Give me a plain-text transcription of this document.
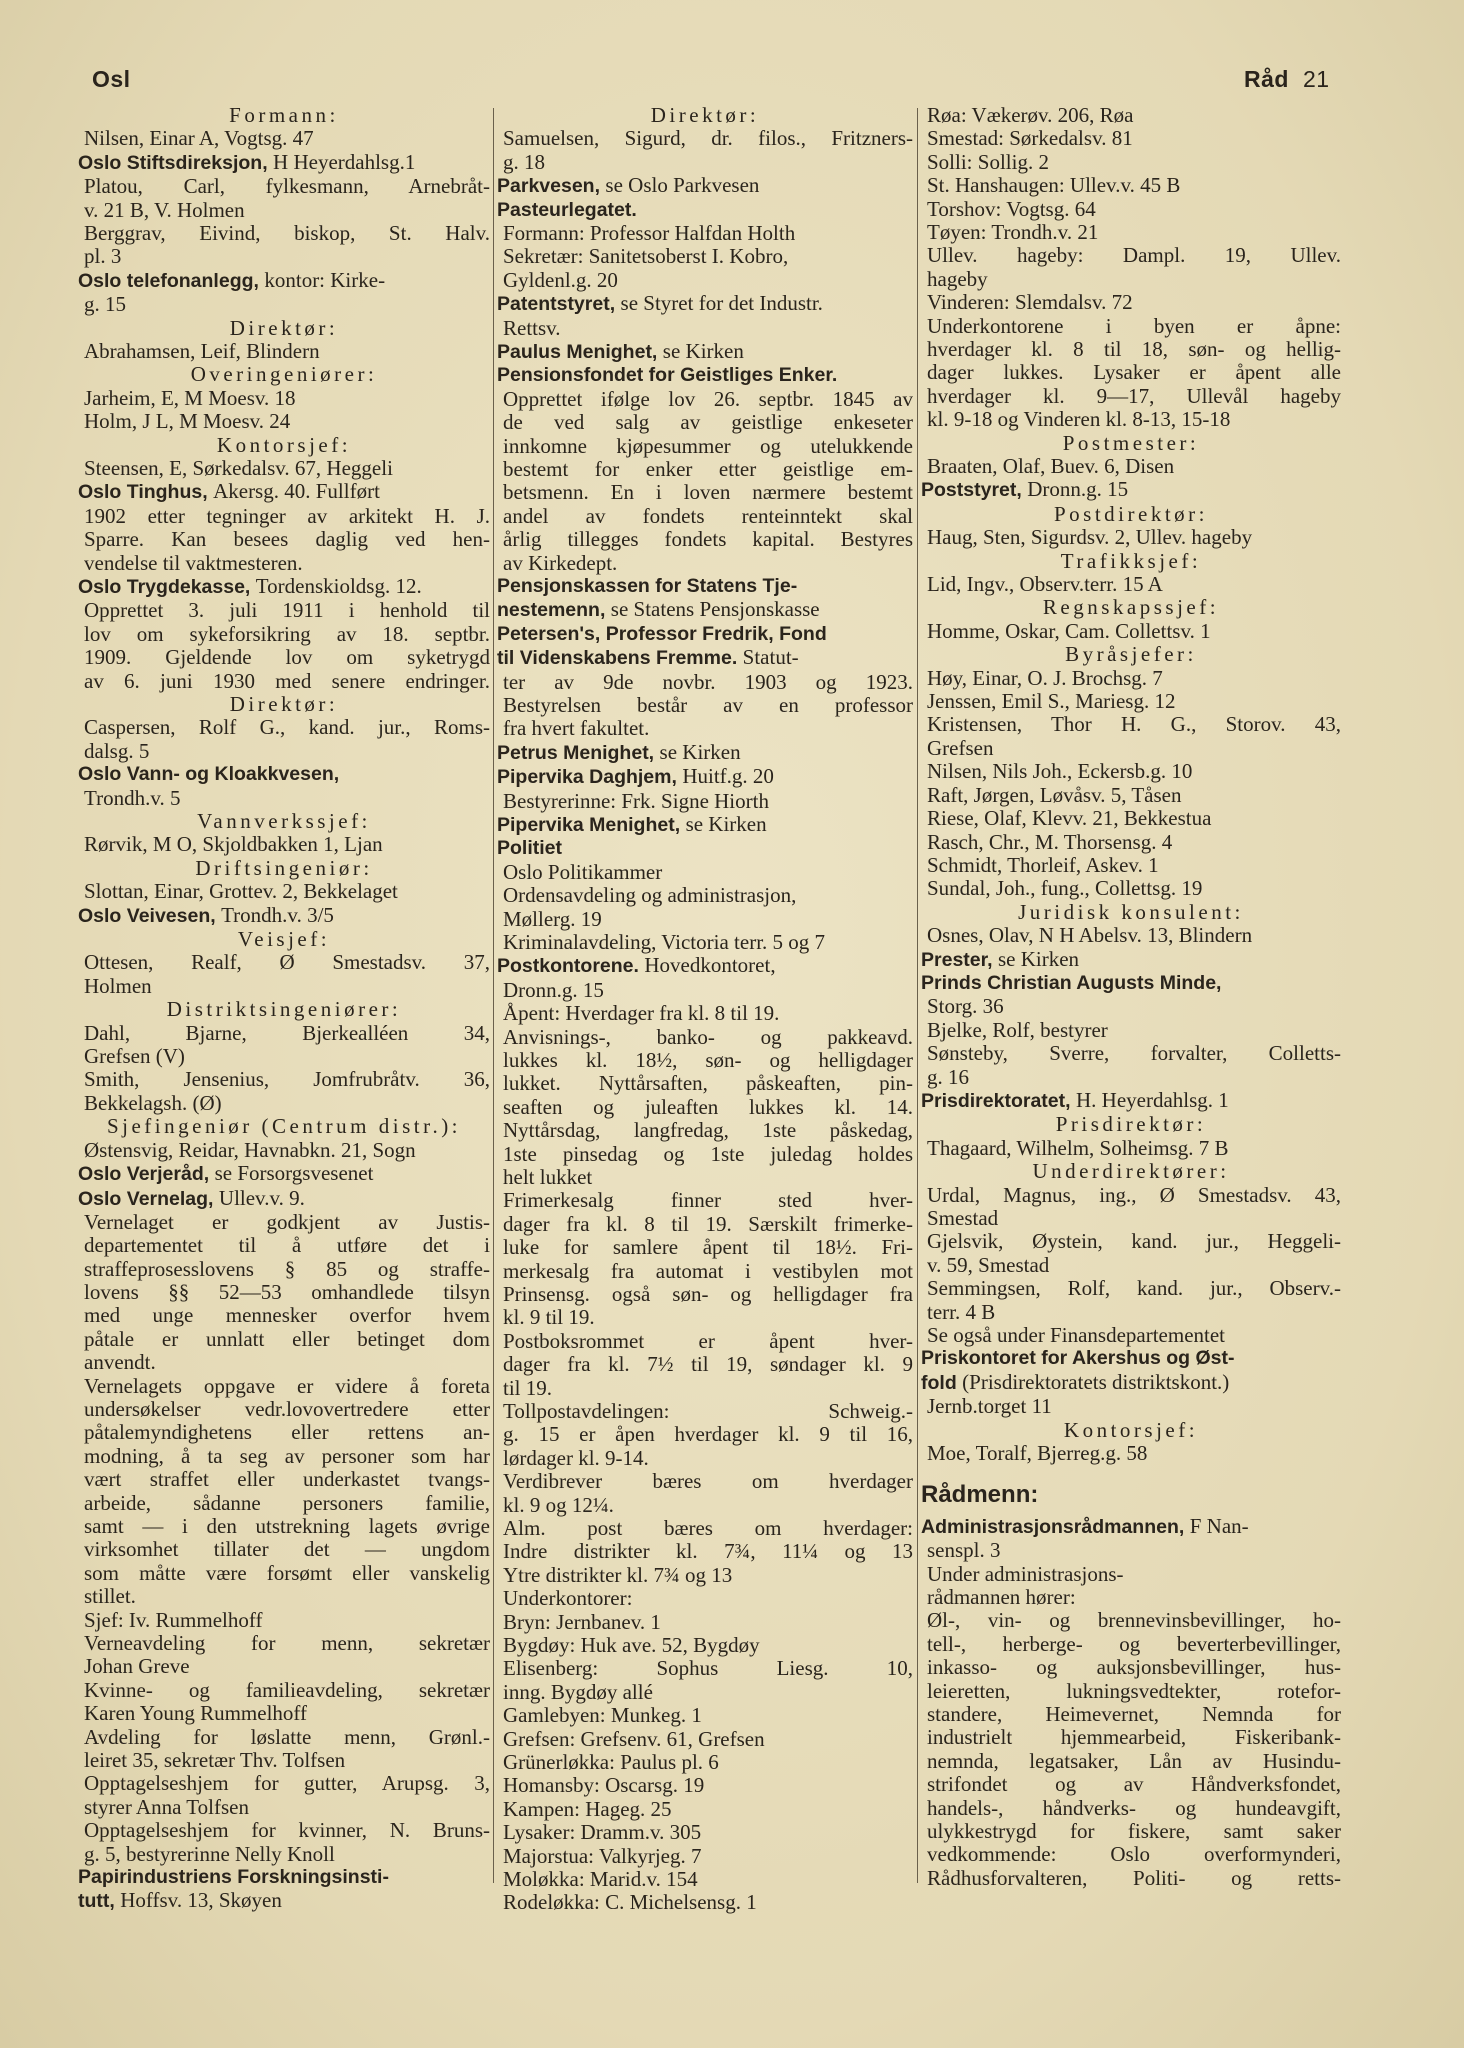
Osl	Råd 21
Formann:
Nilsen, Einar A, Vogtsg. 47
Oslo Stiftsdireksjon, H Heyerdahlsg.1
Platou, Carl, fylkesmann, Arnebråt-
v. 21 B, V. Holmen
Berggrav, Eivind, biskop, St. Halv.
pl. 3
Oslo telefonanlegg, kontor: Kirke-
g. 15
Direktør:
Abrahamsen, Leif, Blindern
Overingeniører:
Jarheim, E, M Moesv. 18
Holm, J L, M Moesv. 24
Kontorsjef:
Steensen, E, Sørkedalsv. 67, Heggeli
Oslo Tinghus, Akersg. 40. Fullført
1902 etter tegninger av arkitekt H. J.
Sparre. Kan besees daglig ved hen-
vendelse til vaktmesteren.
Oslo Trygdekasse, Tordenskioldsg. 12.
Opprettet 3. juli 1911 i henhold til
lov om sykeforsikring av 18. septbr.
1909. Gjeldende lov om syketrygd
av 6. juni 1930 med senere endringer.
Direktør:
Caspersen, Rolf G., kand. jur., Roms-
dalsg. 5
Oslo Vann- og Kloakkvesen,
Trondh.v. 5
Vannverkssjef:
Rørvik, M O, Skjoldbakken 1, Ljan
Driftsingeniør:
Slottan, Einar, Grottev. 2, Bekkelaget
Oslo Veivesen, Trondh.v. 3/5
Veisjef:
Ottesen, Realf, Ø Smestadsv. 37,
Holmen
Distriktsingeniører:
Dahl, Bjarne, Bjerkealléen 34,
Grefsen (V)
Smith, Jensenius, Jomfrubråtv. 36,
Bekkelagsh. (Ø)
Sjefingeniør (Centrum distr.):
Østensvig, Reidar, Havnabkn. 21, Sogn
Oslo Verjeråd, se Forsorgsvesenet
Oslo Vernelag, Ullev.v. 9.
Vernelaget er godkjent av Justis-
departementet til å utføre det i
straffeprosesslovens § 85 og straffe-
lovens §§ 52—53 omhandlede tilsyn
med unge mennesker overfor hvem
påtale er unnlatt eller betinget dom
anvendt.
Vernelagets oppgave er videre å foreta
undersøkelser vedr.lovovertredere etter
påtalemyndighetens eller rettens an-
modning, å ta seg av personer som har
vært straffet eller underkastet tvangs-
arbeide, sådanne personers familie,
samt — i den utstrekning lagets øvrige
virksomhet tillater det — ungdom
som måtte være forsømt eller vanskelig
stillet.
Sjef: Iv. Rummelhoff
Verneavdeling for menn, sekretær
Johan Greve
Kvinne- og familieavdeling, sekretær
Karen Young Rummelhoff
Avdeling for løslatte menn, Grønl.-
leiret 35, sekretær Thv. Tolfsen
Opptagelseshjem for gutter, Arupsg. 3,
styrer Anna Tolfsen
Opptagelseshjem for kvinner, N. Bruns-
g. 5, bestyrerinne Nelly Knoll
Papirindustriens Forskningsinsti-
tutt, Hoffsv. 13, Skøyen
Direktør:
Samuelsen, Sigurd, dr. filos., Fritzners-
g. 18
Parkvesen, se Oslo Parkvesen
Pasteurlegatet.
Formann: Professor Halfdan Holth
Sekretær: Sanitetsoberst I. Kobro,
Gyldenl.g. 20
Patentstyret, se Styret for det Industr.
Rettsv.
Paulus Menighet, se Kirken
Pensionsfondet for Geistliges Enker.
Opprettet ifølge lov 26. septbr. 1845 av
de ved salg av geistlige enkeseter
innkomne kjøpesummer og utelukkende
bestemt for enker etter geistlige em-
betsmenn. En i loven nærmere bestemt
andel av fondets renteinntekt skal
årlig tillegges fondets kapital. Bestyres
av Kirkedept.
Pensjonskassen for Statens Tje-
nestemenn, se Statens Pensjonskasse
Petersen's, Professor Fredrik, Fond
til Videnskabens Fremme. Statut-
ter av 9de novbr. 1903 og 1923.
Bestyrelsen består av en professor
fra hvert fakultet.
Petrus Menighet, se Kirken
Pipervika Daghjem, Huitf.g. 20
Bestyrerinne: Frk. Signe Hiorth
Pipervika Menighet, se Kirken
Politiet
Oslo Politikammer
Ordensavdeling og administrasjon,
Møllerg. 19
Kriminalavdeling, Victoria terr. 5 og 7
Postkontorene. Hovedkontoret,
Dronn.g. 15
Åpent: Hverdager fra kl. 8 til 19.
Anvisnings-, banko- og pakkeavd.
lukkes kl. 18½, søn- og helligdager
lukket. Nyttårsaften, påskeaften, pin-
seaften og juleaften lukkes kl. 14.
Nyttårsdag, langfredag, 1ste påskedag,
1ste pinsedag og 1ste juledag holdes
helt lukket
Frimerkesalg finner sted hver-
dager fra kl. 8 til 19. Særskilt frimerke-
luke for samlere åpent til 18½. Fri-
merkesalg fra automat i vestibylen mot
Prinsensg. også søn- og helligdager fra
kl. 9 til 19.
Postboksrommet er åpent hver-
dager fra kl. 7½ til 19, søndager kl. 9
til 19.
Tollpostavdelingen: Schweig.-
g. 15 er åpen hverdager kl. 9 til 16,
lørdager kl. 9-14.
Verdibrever bæres om hverdager
kl. 9 og 12¼.
Alm. post bæres om hverdager:
Indre distrikter kl. 7¾, 11¼ og 13
Ytre distrikter kl. 7¾ og 13
Underkontorer:
Bryn: Jernbanev. 1
Bygdøy: Huk ave. 52, Bygdøy
Elisenberg: Sophus Liesg. 10,
inng. Bygdøy allé
Gamlebyen: Munkeg. 1
Grefsen: Grefsenv. 61, Grefsen
Grünerløkka: Paulus pl. 6
Homansby: Oscarsg. 19
Kampen: Hageg. 25
Lysaker: Dramm.v. 305
Majorstua: Valkyrjeg. 7
Moløkka: Marid.v. 154
Rodeløkka: C. Michelsensg. 1
Røa: Vækerøv. 206, Røa
Smestad: Sørkedalsv. 81
Solli: Sollig. 2
St. Hanshaugen: Ullev.v. 45 B
Torshov: Vogtsg. 64
Tøyen: Trondh.v. 21
Ullev. hageby: Dampl. 19, Ullev.
hageby
Vinderen: Slemdalsv. 72
Underkontorene i byen er åpne:
hverdager kl. 8 til 18, søn- og hellig-
dager lukkes. Lysaker er åpent alle
hverdager kl. 9—17, Ullevål hageby
kl. 9-18 og Vinderen kl. 8-13, 15-18
Postmester:
Braaten, Olaf, Buev. 6, Disen
Poststyret, Dronn.g. 15
Postdirektør:
Haug, Sten, Sigurdsv. 2, Ullev. hageby
Trafikksjef:
Lid, Ingv., Observ.terr. 15 A
Regnskapssjef:
Homme, Oskar, Cam. Collettsv. 1
Byråsjefer:
Høy, Einar, O. J. Brochsg. 7
Jenssen, Emil S., Mariesg. 12
Kristensen, Thor H. G., Storov. 43,
Grefsen
Nilsen, Nils Joh., Eckersb.g. 10
Raft, Jørgen, Løvåsv. 5, Tåsen
Riese, Olaf, Klevv. 21, Bekkestua
Rasch, Chr., M. Thorsensg. 4
Schmidt, Thorleif, Askev. 1
Sundal, Joh., fung., Collettsg. 19
Juridisk konsulent:
Osnes, Olav, N H Abelsv. 13, Blindern
Prester, se Kirken
Prinds Christian Augusts Minde,
Storg. 36
Bjelke, Rolf, bestyrer
Sønsteby, Sverre, forvalter, Colletts-
g. 16
Prisdirektoratet, H. Heyerdahlsg. 1
Prisdirektør:
Thagaard, Wilhelm, Solheimsg. 7 B
Underdirektører:
Urdal, Magnus, ing., Ø Smestadsv. 43,
Smestad
Gjelsvik, Øystein, kand. jur., Heggeli-
v. 59, Smestad
Semmingsen, Rolf, kand. jur., Observ.-
terr. 4 B
Se også under Finansdepartementet
Priskontoret for Akershus og Øst-
fold (Prisdirektoratets distriktskont.)
Jernb.torget 11
Kontorsjef:
Moe, Toralf, Bjerreg.g. 58
Rådmenn:
Administrasjonsrådmannen, F Nan-
senspl. 3
Under administrasjons-
rådmannen hører:
Øl-, vin- og brennevinsbevillinger, ho-
tell-, herberge- og beverterbevillinger,
inkasso- og auksjonsbevillinger, hus-
leieretten, lukningsvedtekter, rotefor-
standere, Heimevernet, Nemnda for
industrielt hjemmearbeid, Fiskeribank-
nemnda, legatsaker, Lån av Husindu-
strifondet og av Håndverksfondet,
handels-, håndverks- og hundeavgift,
ulykkestrygd for fiskere, samt saker
vedkommende: Oslo overformynderi,
Rådhusforvalteren, Politi- og retts-
